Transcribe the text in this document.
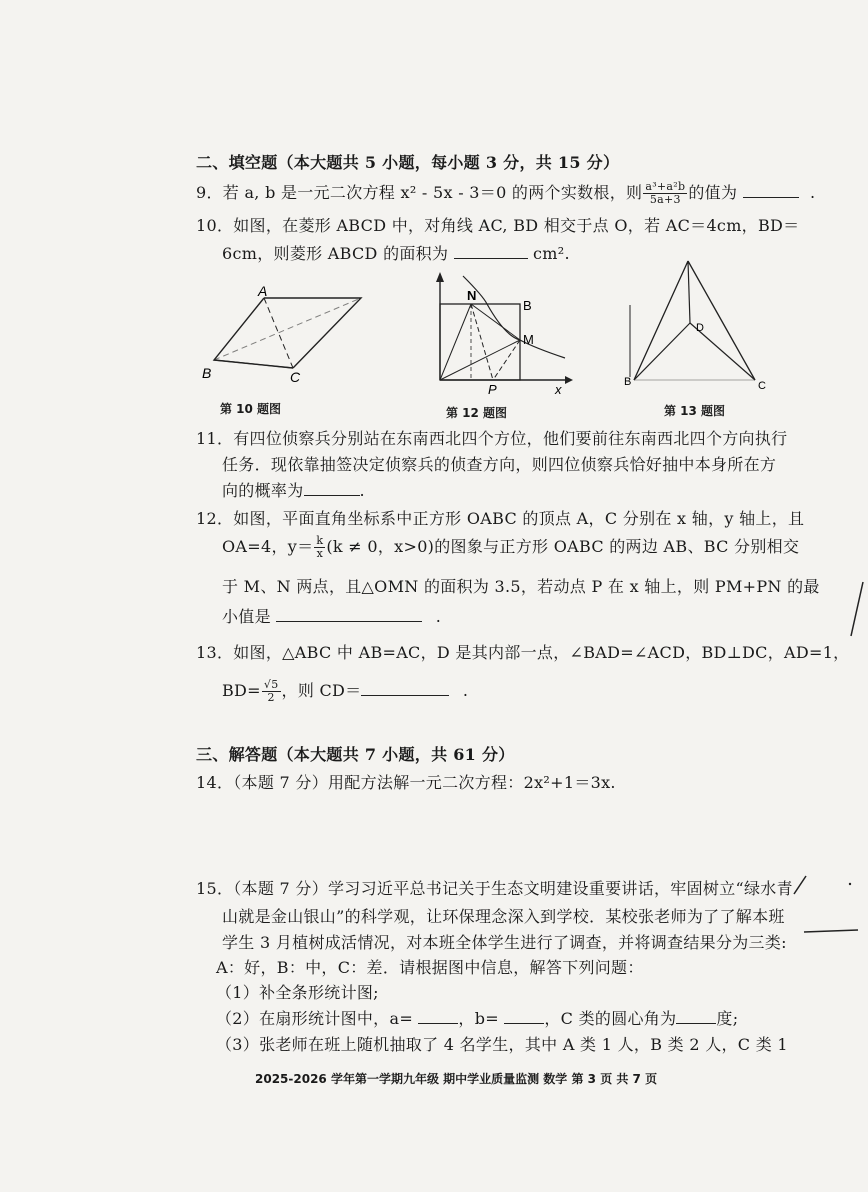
二、填空题（本大题共 5 小题，每小题 3 分，共 15 分）
9．若 a, b 是一元二次方程 x² - 5x - 3＝0 的两个实数根，则 $\frac{\text{a³+a²b}}{5a+3}$ 的值为	.
10．如图，在菱形 ABCD 中，对角线 AC, BD 相交于点 O，若 AC＝4cm，BD＝
6cm，则菱形 ABCD 的面积为	cm².
A
B	C
第 10 题图
N
B
M
P	x
第 12 题图
D
B	C
第 13 题图
11．有四位侦察兵分别站在东南西北四个方位，他们要前往东南西北四个方向执行
任务．现依靠抽签决定侦察兵的侦查方向，则四位侦察兵恰好抽中本身所在方
向的概率为	.
12．如图，平面直角坐标系中正方形 OABC 的顶点 A，C 分别在 x 轴，y 轴上，且
OA=4，$y= \frac{k}{x} (k \ne 0$，x>0)的图象与正方形 OABC 的两边 AB、BC 分别相交
于 M、N 两点，且△OMN 的面积为 3.5，若动点 P 在 x 轴上，则 PM+PN 的最
小值是	.
13．如图，△ABC 中 AB=AC，D 是其内部一点，∠BAD=∠ACD，BD⊥DC，AD=1，
$BD= \frac{√5}{2}$ ，则 CD＝	.
三、解答题（本大题共 7 小题，共 61 分）
14．（本题 7 分）用配方法解一元二次方程：2x²+1＝3x.
15．（本题 7 分）学习习近平总书记关于生态文明建设重要讲话，牢固树立“绿水青
山就是金山银山”的科学观，让环保理念深入到学校．某校张老师为了了解本班
学生 3 月植树成活情况，对本班全体学生进行了调查，并将调查结果分为三类:
A：好，B：中，C：差．请根据图中信息，解答下列问题：
（1）补全条形统计图;
（2）在扇形统计图中，a=	，b=	，C 类的圆心角为	度;
（3）张老师在班上随机抽取了 4 名学生，其中 A 类 1 人，B 类 2 人，C 类 1
2025-2026 学年第一学期九年级 期中学业质量监测 数学 第 3 页 共 7 页
